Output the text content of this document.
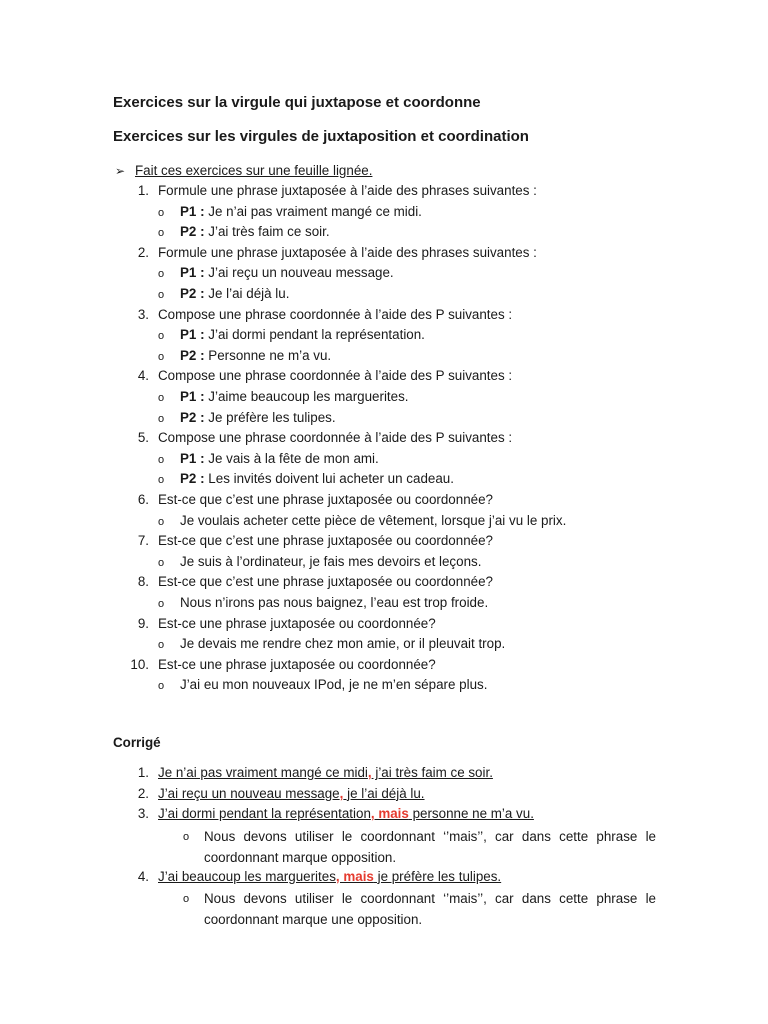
Exercices sur la virgule qui juxtapose et coordonne
Exercices sur les virgules de juxtaposition et coordination
➢ Fait ces exercices sur une feuille lignée.
1. Formule une phrase juxtaposée à l’aide des phrases suivantes :
o P1 : Je n’ai pas vraiment mangé ce midi.
o P2 : J’ai très faim ce soir.
2. Formule une phrase juxtaposée à l’aide des phrases suivantes :
o P1 : J’ai reçu un nouveau message.
o P2 : Je l’ai déjà lu.
3. Compose une phrase coordonnée à l’aide des P suivantes :
o P1 : J’ai dormi pendant la représentation.
o P2 : Personne ne m’a vu.
4. Compose une phrase coordonnée à l’aide des P suivantes :
o P1 : J’aime beaucoup les marguerites.
o P2 : Je préfère les tulipes.
5. Compose une phrase coordonnée à l’aide des P suivantes :
o P1 : Je vais à la fête de mon ami.
o P2 : Les invités doivent lui acheter un cadeau.
6. Est-ce que c’est une phrase juxtaposée ou coordonnée?
o Je voulais acheter cette pièce de vêtement, lorsque j’ai vu le prix.
7. Est-ce que c’est une phrase juxtaposée ou coordonnée?
o Je suis à l’ordinateur, je fais mes devoirs et leçons.
8. Est-ce que c’est une phrase juxtaposée ou coordonnée?
o Nous n’irons pas nous baignez, l’eau est trop froide.
9. Est-ce une phrase juxtaposée ou coordonnée?
o Je devais me rendre chez mon amie, or il pleuvait trop.
10. Est-ce une phrase juxtaposée ou coordonnée?
o J’ai eu mon nouveaux IPod, je ne m’en sépare plus.
Corrigé
1. Je n’ai pas vraiment mangé ce midi, j’ai très faim ce soir.
2. J’ai reçu un nouveau message, je l’ai déjà lu.
3. J’ai dormi pendant la représentation, mais personne ne m’a vu.
o Nous devons utiliser le coordonnant ‘’mais’’, car dans cette phrase le coordonnant marque opposition.
4. J’ai beaucoup les marguerites, mais je préfère les tulipes.
o Nous devons utiliser le coordonnant ‘’mais’’, car dans cette phrase le coordonnant marque une opposition.
